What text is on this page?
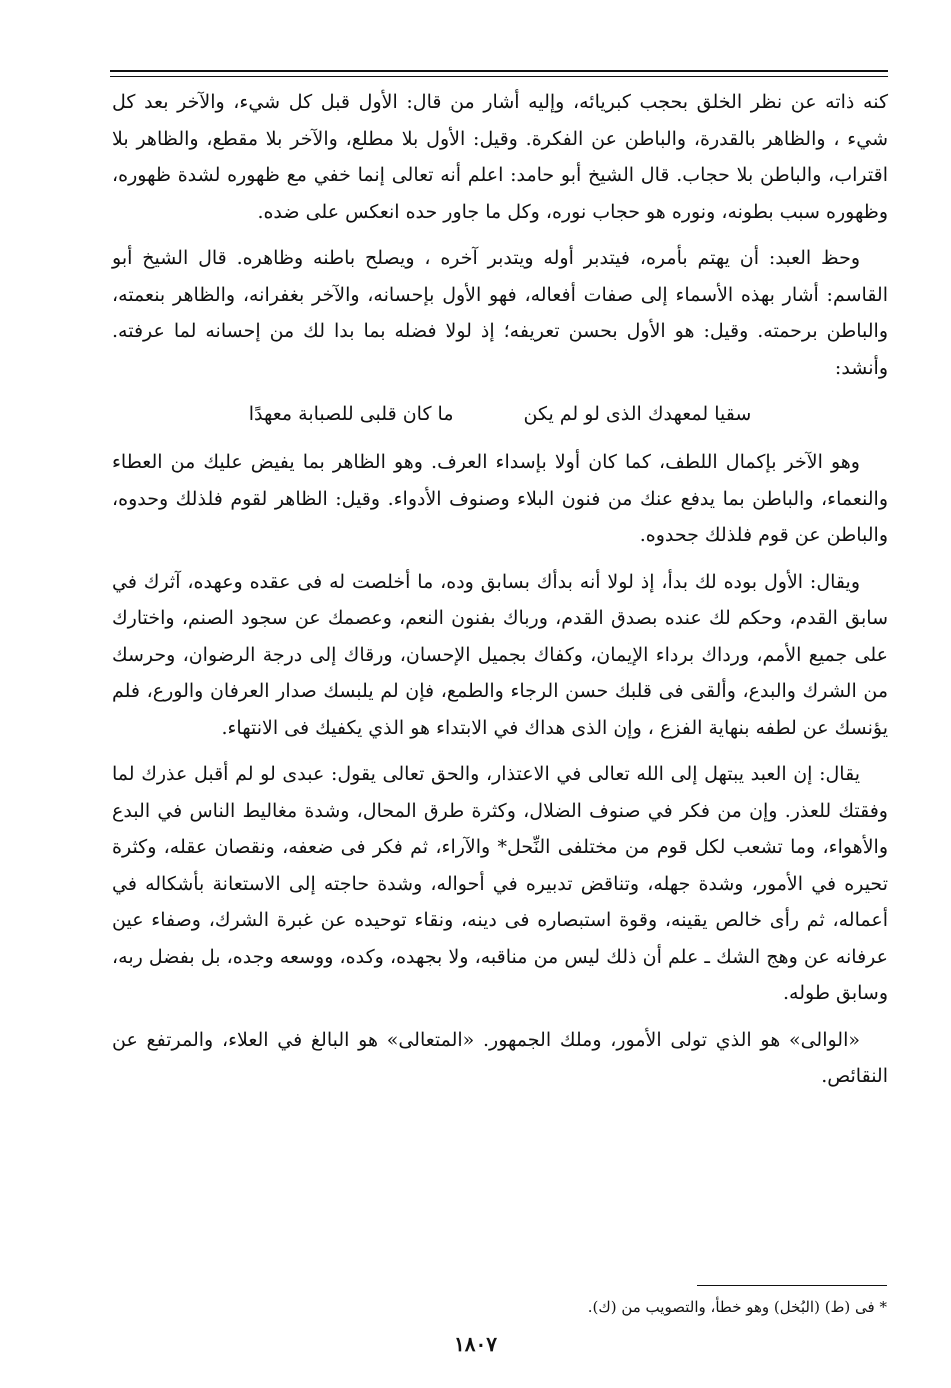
كنه ذاته عن نظر الخلق بحجب كبريائه، وإليه أشار من قال: الأول قبل كل شيء، والآخر بعد كل شيء ، والظاهر بالقدرة، والباطن عن الفكرة. وقيل: الأول بلا مطلع، والآخر بلا مقطع، والظاهر بلا اقتراب، والباطن بلا حجاب. قال الشيخ أبو حامد: اعلم أنه تعالى إنما خفي مع ظهوره لشدة ظهوره، وظهوره سبب بطونه، ونوره هو حجاب نوره، وكل ما جاور حده انعكس على ضده.

وحظ العبد: أن يهتم بأمره، فيتدبر أوله ويتدبر آخره ، ويصلح باطنه وظاهره. قال الشيخ أبو القاسم: أشار بهذه الأسماء إلى صفات أفعاله، فهو الأول بإحسانه، والآخر بغفرانه، والظاهر بنعمته، والباطن برحمته. وقيل: هو الأول بحسن تعريفه؛ إذ لولا فضله بما بدا لك من إحسانه لما عرفته. وأنشد:

سقيا لمعهدك الذى لو لم يكن
ما كان قلبى للصبابة معهدًا

وهو الآخر بإكمال اللطف، كما كان أولا بإسداء العرف. وهو الظاهر بما يفيض عليك من العطاء والنعماء، والباطن بما يدفع عنك من فنون البلاء وصنوف الأدواء. وقيل: الظاهر لقوم فلذلك وحدوه، والباطن عن قوم فلذلك جحدوه.

ويقال: الأول بوده لك بدأ، إذ لولا أنه بدأك بسابق وده، ما أخلصت له فى عقده وعهده، آثرك في سابق القدم، وحكم لك عنده بصدق القدم، ورباك بفنون النعم، وعصمك عن سجود الصنم، واختارك على جميع الأمم، ورداك برداء الإيمان، وكفاك بجميل الإحسان، ورقاك إلى درجة الرضوان، وحرسك من الشرك والبدع، وألقى فى قلبك حسن الرجاء والطمع، فإن لم يلبسك صدار العرفان والورع، فلم يؤنسك عن لطفه بنهاية الفزع ، وإن الذى هداك في الابتداء هو الذي يكفيك فى الانتهاء.

يقال: إن العبد يبتهل إلى الله تعالى في الاعتذار، والحق تعالى يقول: عبدى لو لم أقبل عذرك لما وفقتك للعذر. وإن من فكر في صنوف الضلال، وكثرة طرق المحال، وشدة مغاليط الناس في البدع والأهواء، وما تشعب لكل قوم من مختلفى النِّحل* والآراء، ثم فكر فى ضعفه، ونقصان عقله، وكثرة تحيره في الأمور، وشدة جهله، وتناقض تدبيره في أحواله، وشدة حاجته إلى الاستعانة بأشكاله في أعماله، ثم رأى خالص يقينه، وقوة استبصاره فى دينه، ونقاء توحيده عن غبرة الشرك، وصفاء عين عرفانه عن وهج الشك ـ علم أن ذلك ليس من مناقبه، ولا بجهده، وكده، ووسعه وجده، بل بفضل ربه، وسابق طوله.

«الوالى» هو الذي تولى الأمور، وملك الجمهور. «المتعالى» هو البالغ في العلاء، والمرتفع عن النقائص.

* فى (ط) (البُخل) وهو خطأ، والتصويب من (ك).
١٨٠٧
